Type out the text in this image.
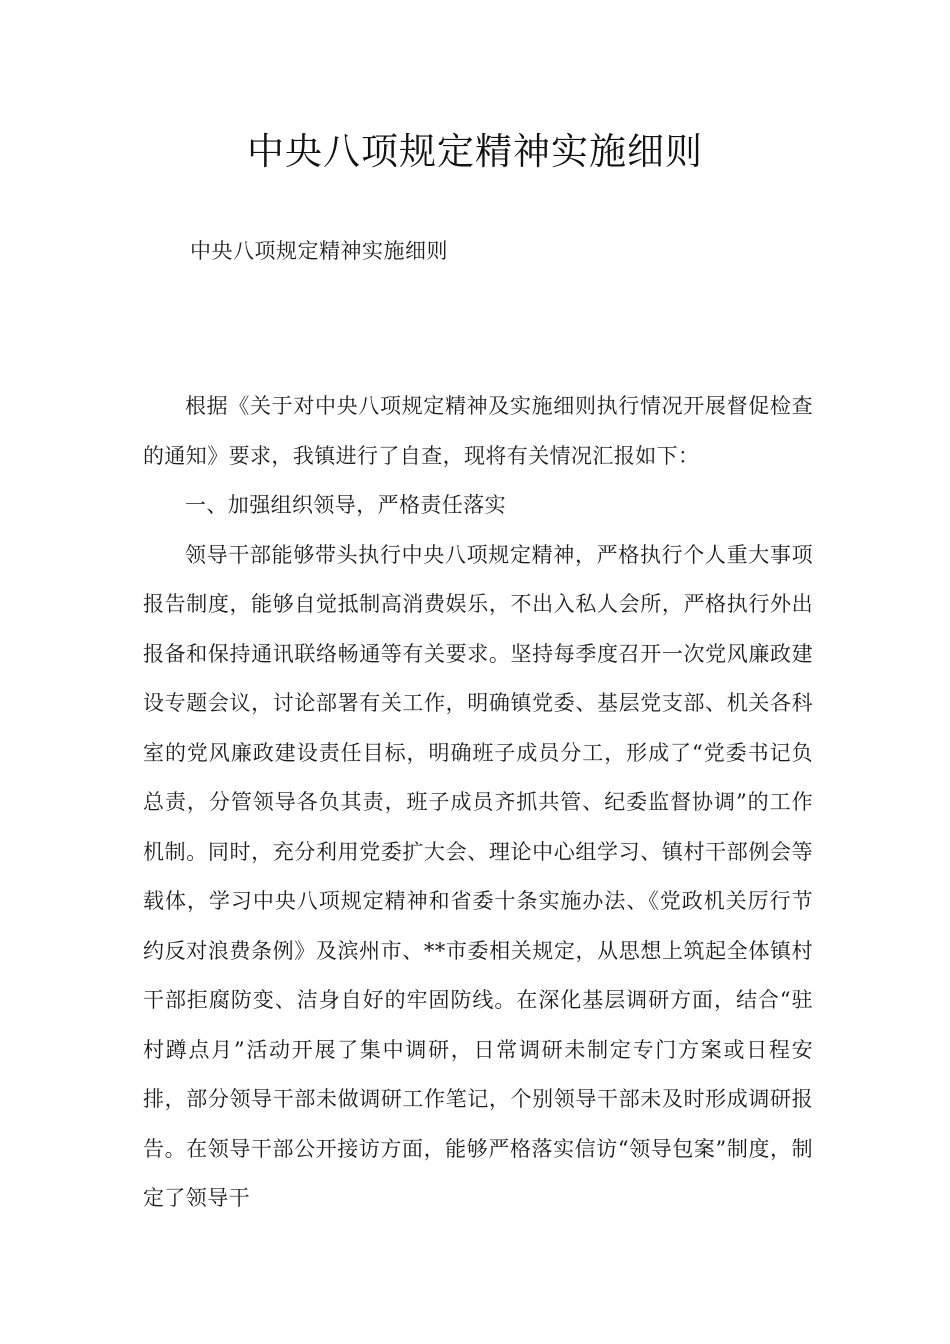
中央八项规定精神实施细则
中央八项规定精神实施细则

根据《关于对中央八项规定精神及实施细则执行情况开展督促检查的通知》要求，我镇进行了自查，现将有关情况汇报如下：

一、加强组织领导，严格责任落实

领导干部能够带头执行中央八项规定精神，严格执行个人重大事项报告制度，能够自觉抵制高消费娱乐，不出入私人会所，严格执行外出报备和保持通讯联络畅通等有关要求。坚持每季度召开一次党风廉政建设专题会议，讨论部署有关工作，明确镇党委、基层党支部、机关各科室的党风廉政建设责任目标，明确班子成员分工，形成了“党委书记负总责，分管领导各负其责，班子成员齐抓共管、纪委监督协调”的工作机制。同时，充分利用党委扩大会、理论中心组学习、镇村干部例会等载体，学习中央八项规定精神和省委十条实施办法、《党政机关厉行节约反对浪费条例》及滨州市、**市委相关规定，从思想上筑起全体镇村干部拒腐防变、洁身自好的牢固防线。在深化基层调研方面，结合“驻村蹲点月”活动开展了集中调研，日常调研未制定专门方案或日程安排，部分领导干部未做调研工作笔记，个别领导干部未及时形成调研报告。在领导干部公开接访方面，能够严格落实信访“领导包案”制度，制定了领导干
